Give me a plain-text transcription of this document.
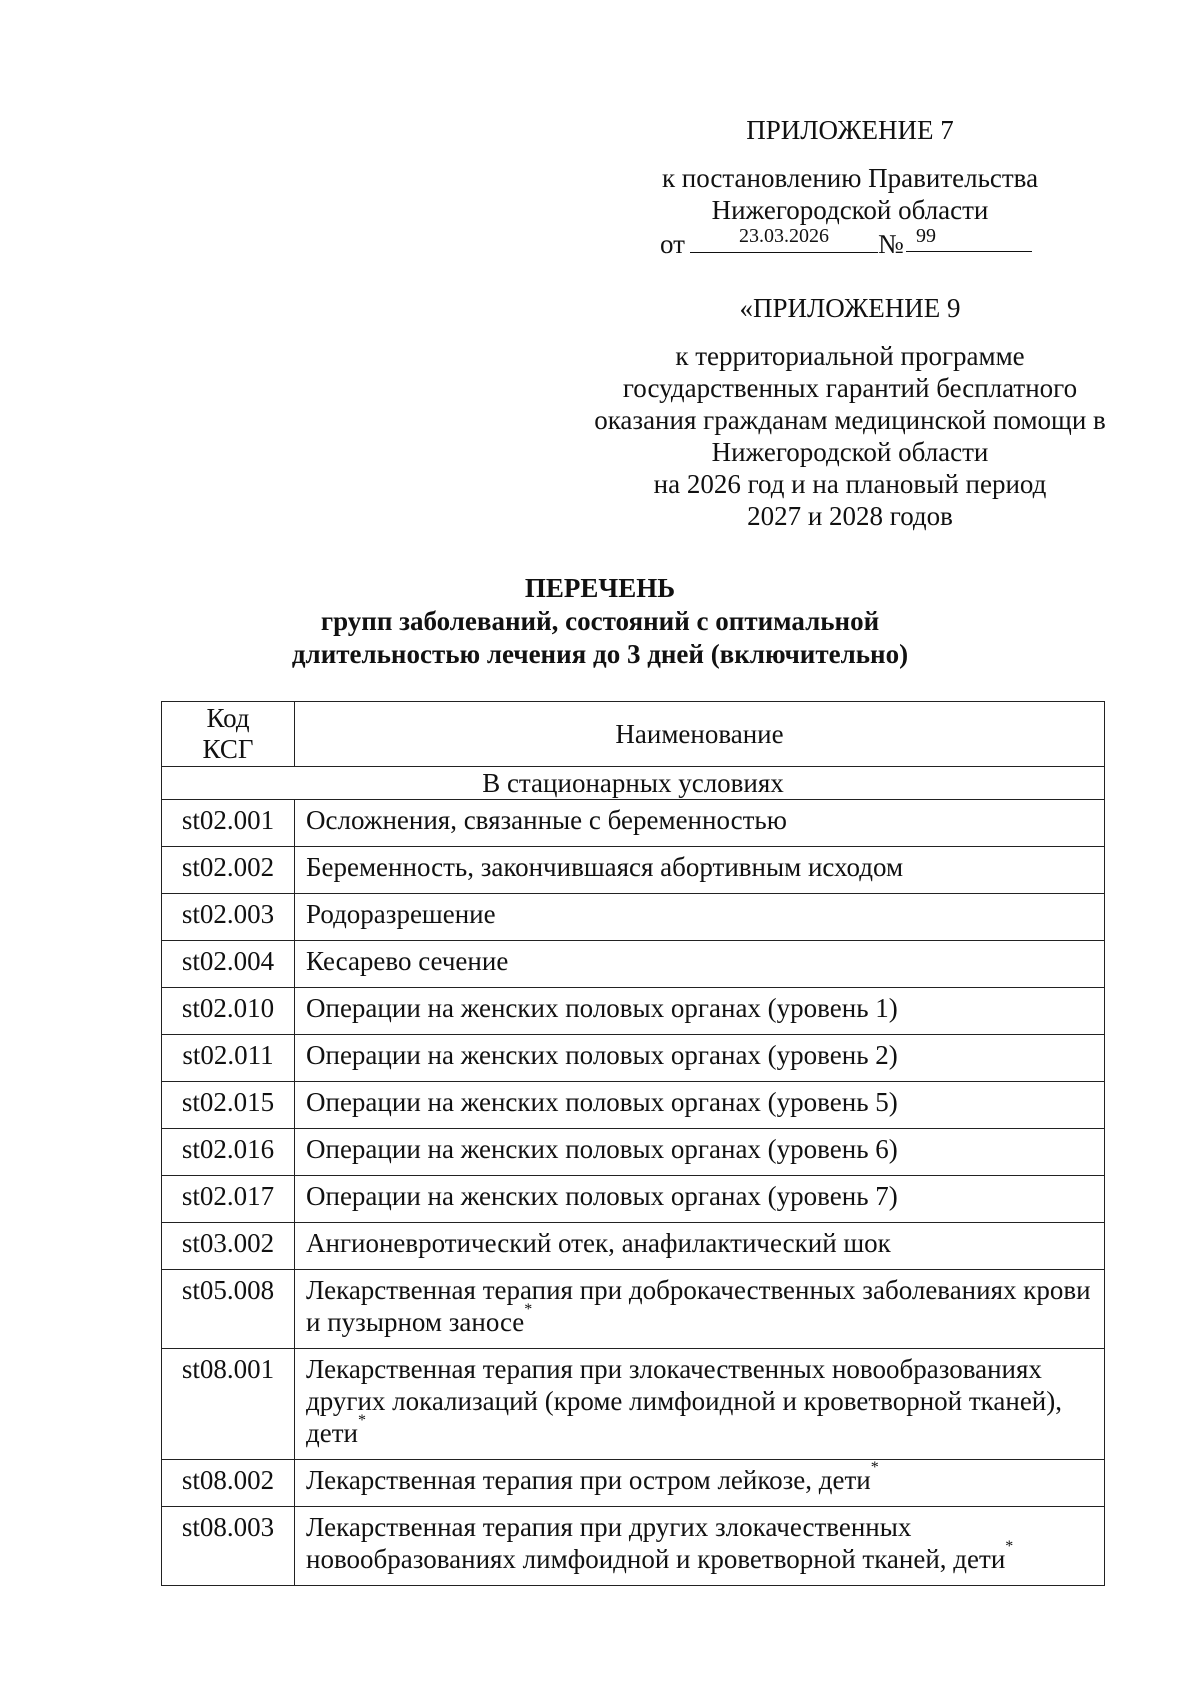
ПРИЛОЖЕНИЕ 7
к постановлению Правительства
Нижегородской области
от	23.03.2026	№ 99
«ПРИЛОЖЕНИЕ 9
к территориальной программе
государственных гарантий бесплатного
оказания гражданам медицинской помощи в
Нижегородской области
на 2026 год и на плановый период
2027 и 2028 годов
ПЕРЕЧЕНЬ
групп заболеваний, состояний с оптимальной
длительностью лечения до 3 дней (включительно)
Код
КСГ	Наименование
В стационарных условиях	
st02.001	Осложнения, связанные с беременностью
st02.002	Беременность, закончившаяся абортивным исходом
st02.003	Родоразрешение
st02.004	Кесарево сечение
st02.010	Операции на женских половых органах (уровень 1)
st02.011	Операции на женских половых органах (уровень 2)
st02.015	Операции на женских половых органах (уровень 5)
st02.016	Операции на женских половых органах (уровень 6)
st02.017	Операции на женских половых органах (уровень 7)
st03.002	Ангионевротический отек, анафилактический шок
st05.008	Лекарственная терапия при доброкачественных заболеваниях крови и пузырном заносе*
st08.001	Лекарственная терапия при злокачественных новообразованиях других локализаций (кроме лимфоидной и кроветворной тканей), дети*
st08.002	Лекарственная терапия при остром лейкозе, дети*
st08.003	Лекарственная терапия при других злокачественных новообразованиях лимфоидной и кроветворной тканей, дети*
